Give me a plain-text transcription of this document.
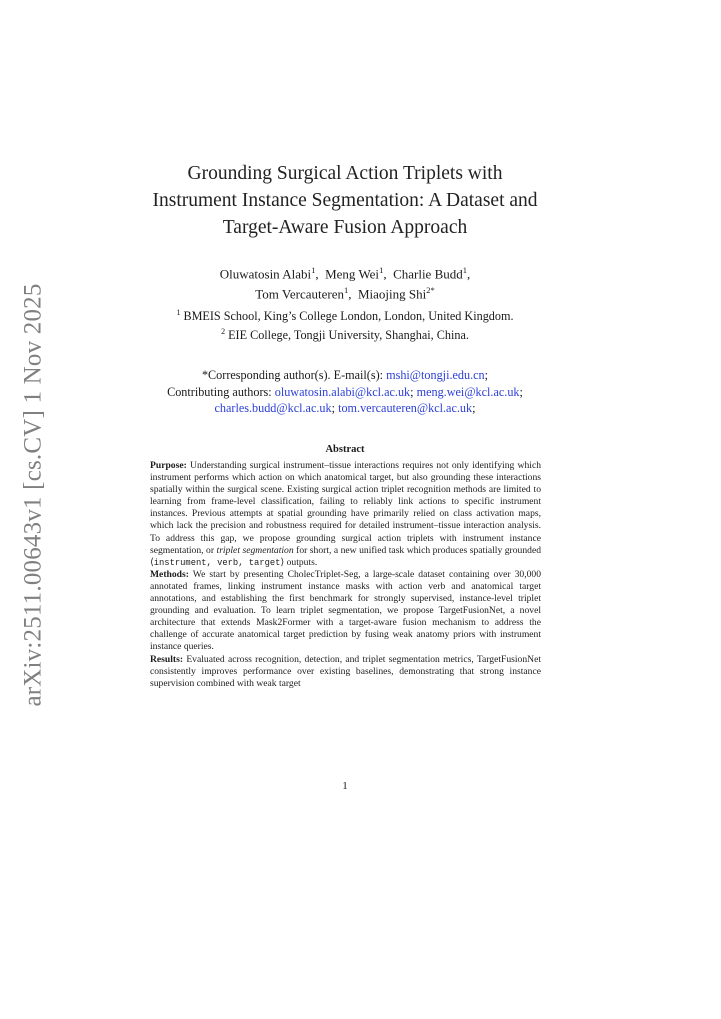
arXiv:2511.00643v1 [cs.CV] 1 Nov 2025
Grounding Surgical Action Triplets with
Instrument Instance Segmentation: A Dataset and
Target-Aware Fusion Approach
Oluwatosin Alabi$^1$,  Meng Wei$^1$,  Charlie Budd$^1$,
Tom Vercauteren$^1$,  Miaojing Shi$^{2*}$
$^1$ BMEIS School, King’s College London, London, United Kingdom.
$^2$ EIE College, Tongji University, Shanghai, China.
*Corresponding author(s). E-mail(s): mshi@tongji.edu.cn;
Contributing authors: oluwatosin.alabi@kcl.ac.uk; meng.wei@kcl.ac.uk;
charles.budd@kcl.ac.uk; tom.vercauteren@kcl.ac.uk;
Abstract

Purpose: Understanding surgical instrument–tissue interactions requires not only identifying which instrument performs which action on which anatomical target, but also grounding these interactions spatially within the surgical scene. Existing surgical action triplet recognition methods are limited to learning from frame-level classification, failing to reliably link actions to specific instrument instances. Previous attempts at spatial grounding have primarily relied on class activation maps, which lack the precision and robustness required for detailed instrument–tissue interaction analysis. To address this gap, we propose grounding surgical action triplets with instrument instance segmentation, or triplet segmentation for short, a new unified task which produces spatially grounded ⟨instrument, verb, target⟩ outputs.

Methods: We start by presenting CholecTriplet-Seg, a large-scale dataset containing over 30,000 annotated frames, linking instrument instance masks with action verb and anatomical target annotations, and establishing the first benchmark for strongly supervised, instance-level triplet grounding and evaluation. To learn triplet segmentation, we propose TargetFusionNet, a novel architecture that extends Mask2Former with a target-aware fusion mechanism to address the challenge of accurate anatomical target prediction by fusing weak anatomy priors with instrument instance queries.

Results: Evaluated across recognition, detection, and triplet segmentation metrics, TargetFusionNet consistently improves performance over existing baselines, demonstrating that strong instance supervision combined with weak target

1
